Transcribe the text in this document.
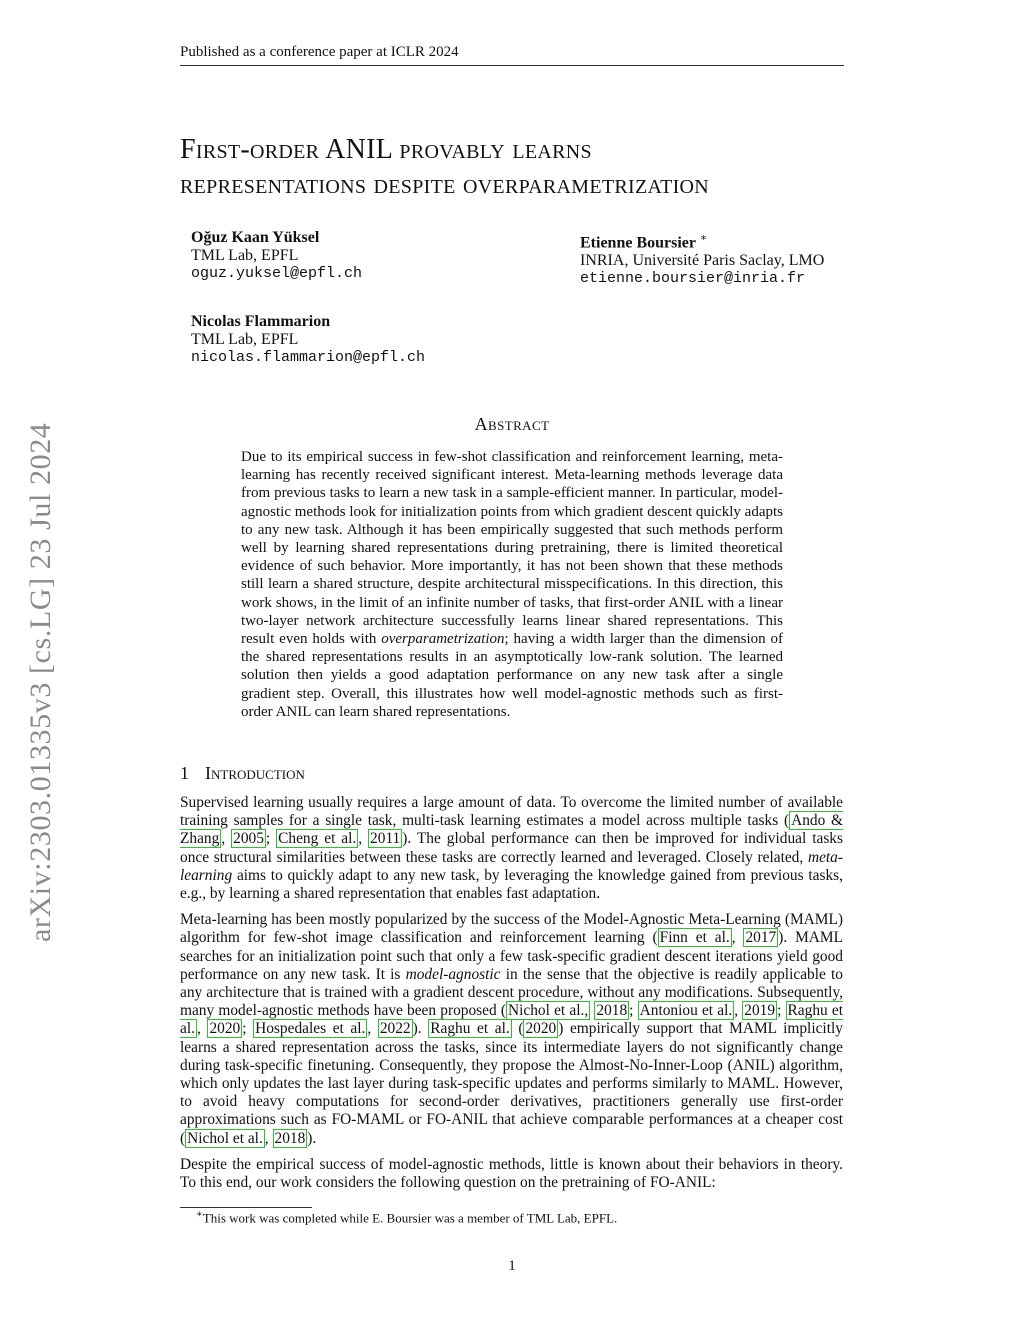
Published as a conference paper at ICLR 2024
arXiv:2303.01335v3 [cs.LG] 23 Jul 2024
First-order ANIL provably learns
representations despite overparametrization
Oğuz Kaan Yüksel
TML Lab, EPFL
oguz.yuksel@epfl.ch
Etienne Boursier ∗
INRIA, Université Paris Saclay, LMO
etienne.boursier@inria.fr
Nicolas Flammarion
TML Lab, EPFL
nicolas.flammarion@epfl.ch
Abstract
Due to its empirical success in few-shot classification and reinforcement learning, meta-learning has recently received significant interest. Meta-learning methods leverage data from previous tasks to learn a new task in a sample-efficient manner. In particular, model-agnostic methods look for initialization points from which gradient descent quickly adapts to any new task. Although it has been empirically suggested that such methods perform well by learning shared representations during pretraining, there is limited theoretical evidence of such behavior. More importantly, it has not been shown that these methods still learn a shared structure, despite architectural misspecifications. In this direction, this work shows, in the limit of an infinite number of tasks, that first-order ANIL with a linear two-layer network architecture successfully learns linear shared representations. This result even holds with overparametrization; having a width larger than the dimension of the shared representations results in an asymptotically low-rank solution. The learned solution then yields a good adaptation performance on any new task after a single gradient step. Overall, this illustrates how well model-agnostic methods such as first-order ANIL can learn shared representations.
1 Introduction

Supervised learning usually requires a large amount of data. To overcome the limited number of available training samples for a single task, multi-task learning estimates a model across multiple tasks ( Ando & Zhang , 2005 ; Cheng et al. , 2011 ). The global performance can then be improved for individual tasks once structural similarities between these tasks are correctly learned and leveraged. Closely related, meta-learning aims to quickly adapt to any new task, by leveraging the knowledge gained from previous tasks, e.g., by learning a shared representation that enables fast adaptation.

Meta-learning has been mostly popularized by the success of the Model-Agnostic Meta-Learning (MAML) algorithm for few-shot image classification and reinforcement learning ( Finn et al. , 2017 ). MAML searches for an initialization point such that only a few task-specific gradient descent iterations yield good performance on any new task. It is model-agnostic in the sense that the objective is readily applicable to any architecture that is trained with a gradient descent procedure, without any modifications. Subsequently, many model-agnostic methods have been proposed ( Nichol et al., 2018 ; Antoniou et al. , 2019 ; Raghu et al. , 2020 ; Hospedales et al. , 2022 ). Raghu et al. ( 2020 ) empirically support that MAML implicitly learns a shared representation across the tasks, since its intermediate layers do not significantly change during task-specific finetuning. Consequently, they propose the Almost-No-Inner-Loop (ANIL) algorithm, which only updates the last layer during task-specific updates and performs similarly to MAML. However, to avoid heavy computations for second-order derivatives, practitioners generally use first-order approximations such as FO-MAML or FO-ANIL that achieve comparable performances at a cheaper cost ( Nichol et al. , 2018 ).

Despite the empirical success of model-agnostic methods, little is known about their behaviors in theory. To this end, our work considers the following question on the pretraining of FO-ANIL:

∗This work was completed while E. Boursier was a member of TML Lab, EPFL.
1
